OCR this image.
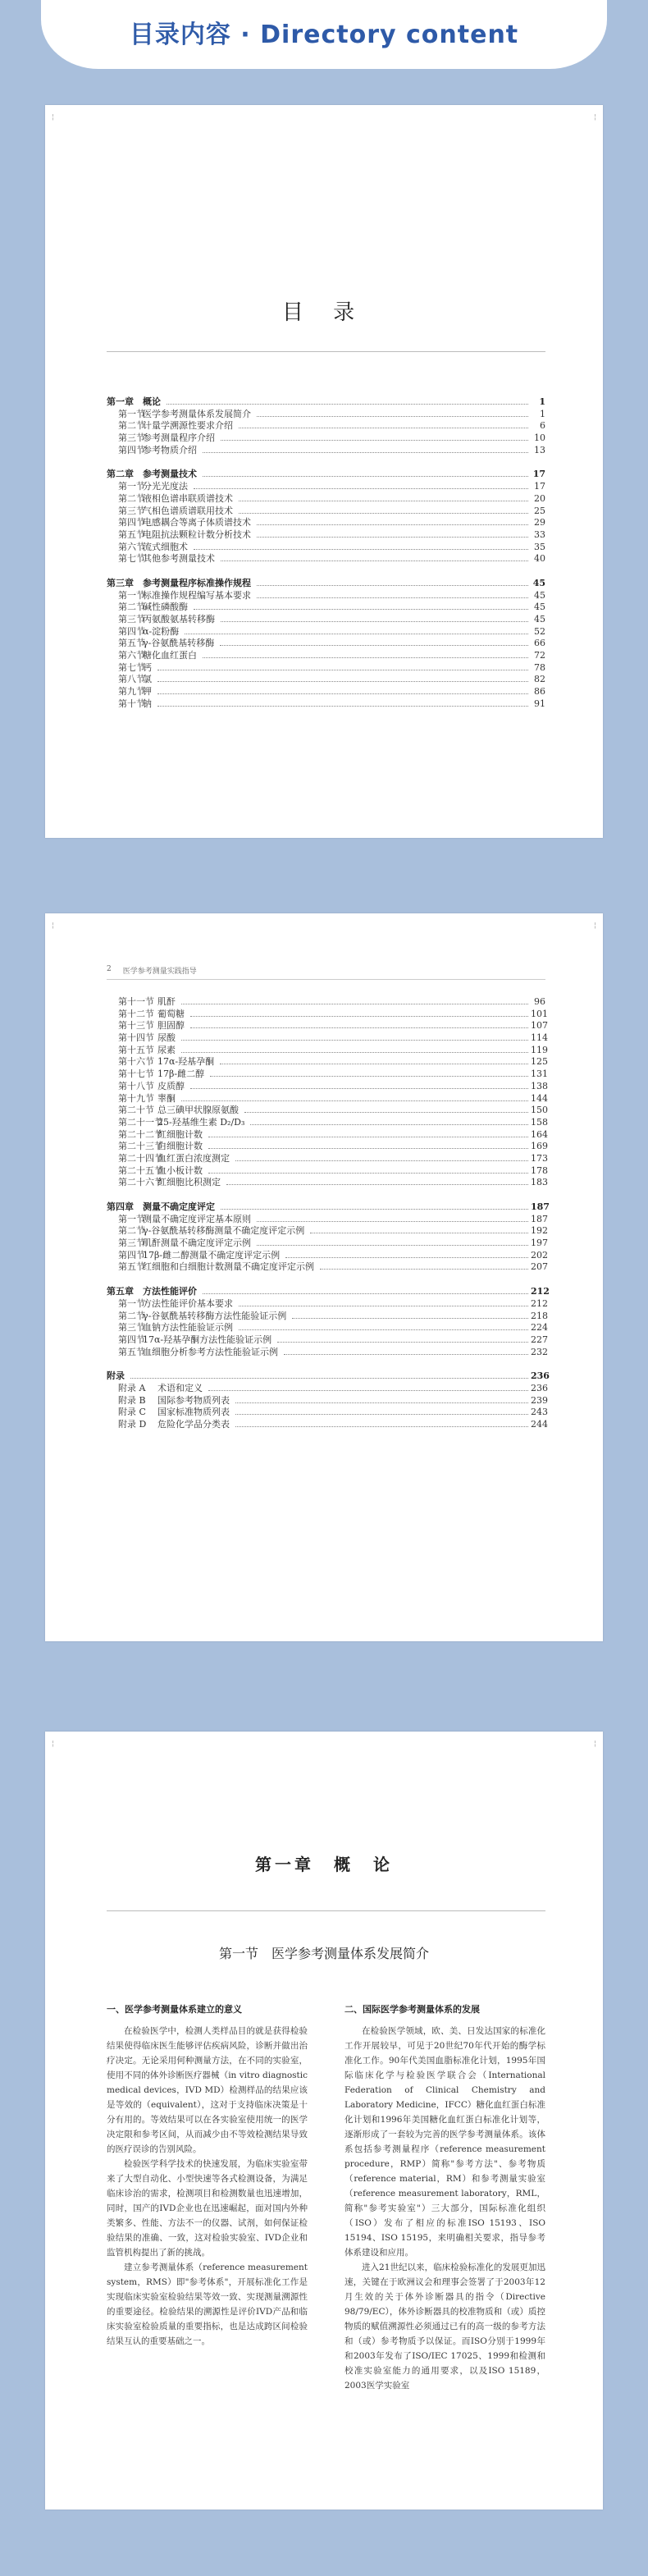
目录内容 · Directory content
¦	¦
目 录
第一章　概论	1
第一节医学参考测量体系发展简介	1
第二节计量学溯源性要求介绍	6
第三节参考测量程序介绍	10
第四节参考物质介绍	13
第二章　参考测量技术	17
第一节分光光度法	17
第二节液相色谱串联质谱技术	20
第三节气相色谱质谱联用技术	25
第四节电感耦合等离子体质谱技术	29
第五节电阻抗法颗粒计数分析技术	33
第六节流式细胞术	35
第七节其他参考测量技术	40
第三章　参考测量程序标准操作规程	45
第一节标准操作规程编写基本要求	45
第二节碱性磷酸酶	45
第三节丙氨酸氨基转移酶	45
第四节α-淀粉酶	52
第五节γ-谷氨酰基转移酶	66
第六节糖化血红蛋白	72
第七节钙	78
第八节氯	82
第九节钾	86
第十节钠	91
¦	¦
2 医学参考测量实践指导
第十一节 肌酐	96
第十二节 葡萄糖	101
第十三节 胆固醇	107
第十四节 尿酸	114
第十五节 尿素	119
第十六节 17α-羟基孕酮	125
第十七节 17β-雌二醇	131
第十八节 皮质醇	138
第十九节 睾酮	144
第二十节 总三碘甲状腺原氨酸	150
第二十一节25-羟基维生素 D₂/D₃	158
第二十二节红细胞计数	164
第二十三节白细胞计数	169
第二十四节血红蛋白浓度测定	173
第二十五节血小板计数	178
第二十六节红细胞比积测定	183
第四章　测量不确定度评定	187
第一节测量不确定度评定基本原则	187
第二节γ-谷氨酰基转移酶测量不确定度评定示例	192
第三节肌酐测量不确定度评定示例	197
第四节17β-雌二醇测量不确定度评定示例	202
第五节红细胞和白细胞计数测量不确定度评定示例	207
第五章　方法性能评价	212
第一节方法性能评价基本要求	212
第二节γ-谷氨酰基转移酶方法性能验证示例	218
第三节血钠方法性能验证示例	224
第四节17α-羟基孕酮方法性能验证示例	227
第五节血细胞分析参考方法性能验证示例	232
附录	236
附录 A 术语和定义	236
附录 B 国际参考物质列表	239
附录 C 国家标准物质列表	243
附录 D 危险化学品分类表	244
¦	¦
第一章　概　论
第一节　医学参考测量体系发展简介
一、医学参考测量体系建立的意义

在检验医学中，检测人类样品目的就是获得检验结果使得临床医生能够评估疾病风险，诊断并做出治疗决定。无论采用何种测量方法，在不同的实验室，使用不同的体外诊断医疗器械（in vitro diagnostic medical devices，IVD MD）检测样品的结果应该是等效的（equivalent），这对于支持临床决策是十分有用的。等效结果可以在各实验室使用统一的医学决定限和参考区间，从而减少由不等效检测结果导致的医疗误诊的告别风险。

检验医学科学技术的快速发展，为临床实验室带来了大型自动化、小型快速等各式检测设备，为满足临床诊治的需求，检测项目和检测数量也迅速增加，同时，国产的IVD企业也在迅速崛起，面对国内外种类繁多、性能、方法不一的仪器、试剂，如何保证检验结果的准确、一致，这对检验实验室、IVD企业和监管机构提出了新的挑战。

建立参考测量体系（reference measurement system，RMS）即"参考体系"，开展标准化工作是实现临床实验室检验结果等效一致、实现测量溯源性的重要途径。检验结果的溯源性是评价IVD产品和临床实验室检验质量的重要指标，也是达成跨区间检验结果互认的重要基础之一。

二、国际医学参考测量体系的发展

在检验医学领域，欧、美、日发达国家的标准化工作开展较早，可见于20世纪70年代开始的酶学标准化工作。90年代美国血脂标准化计划，1995年国际临床化学与检验医学联合会（International Federation of Clinical Chemistry and Laboratory Medicine，IFCC）糖化血红蛋白标准化计划和1996年美国糖化血红蛋白标准化计划等，逐渐形成了一套较为完善的医学参考测量体系。该体系包括参考测量程序（reference measurement procedure，RMP）简称"参考方法"、参考物质（reference material，RM）和参考测量实验室（reference measurement laboratory，RML，简称"参考实验室"）三大部分，国际标准化组织（ISO）发布了相应的标准ISO 15193、ISO 15194、ISO 15195，来明确相关要求，指导参考体系建设和应用。

进入21世纪以来，临床检验标准化的发展更加迅速，关键在于欧洲议会和理事会签署了于2003年12月生效的关于体外诊断器具的指令（Directive 98/79/EC），体外诊断器具的校准物质和（或）质控物质的赋值溯源性必须通过已有的高一级的参考方法和（或）参考物质予以保证。而ISO分别于1999年和2003年发布了ISO/IEC 17025、1999和检测和校准实验室能力的通用要求，以及ISO 15189，2003医学实验室
